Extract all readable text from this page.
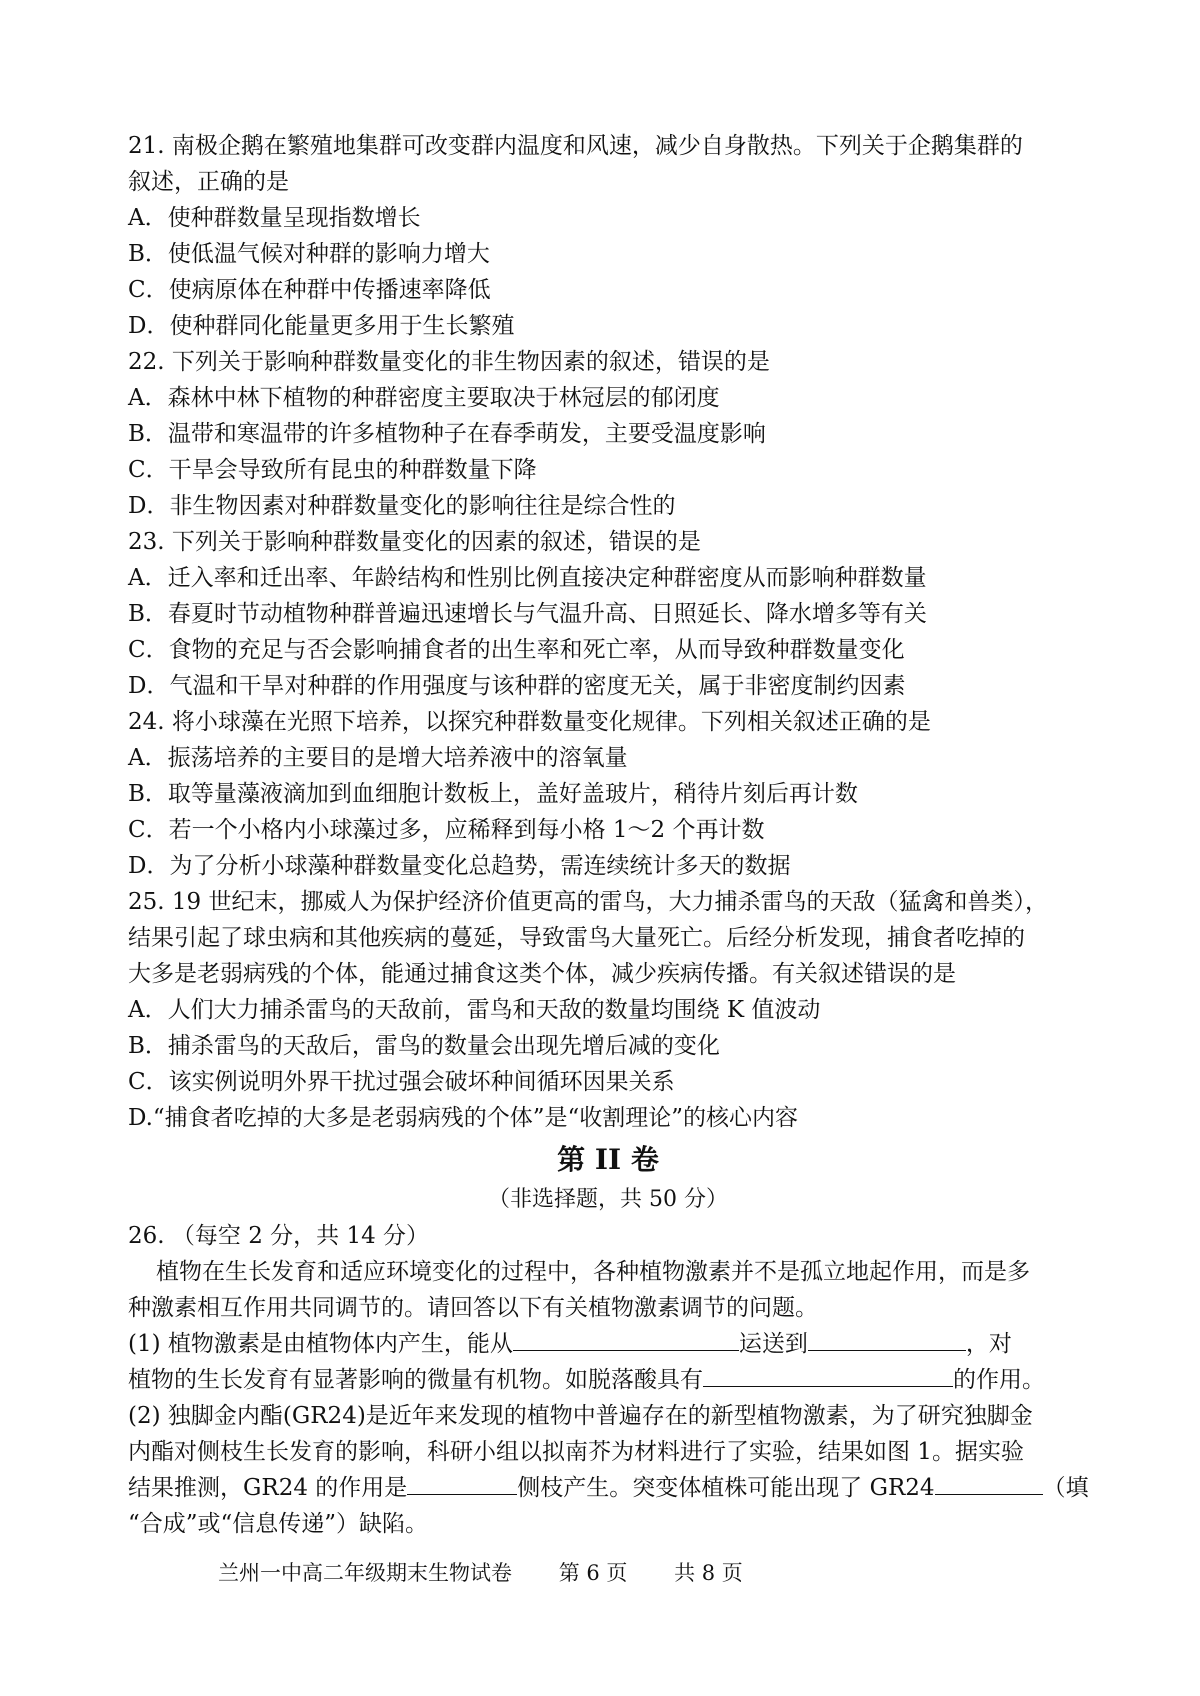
21. 南极企鹅在繁殖地集群可改变群内温度和风速，减少自身散热。下列关于企鹅集群的
叙述，正确的是
A．使种群数量呈现指数增长
B．使低温气候对种群的影响力增大
C．使病原体在种群中传播速率降低
D．使种群同化能量更多用于生长繁殖
22. 下列关于影响种群数量变化的非生物因素的叙述，错误的是
A．森林中林下植物的种群密度主要取决于林冠层的郁闭度
B．温带和寒温带的许多植物种子在春季萌发，主要受温度影响
C．干旱会导致所有昆虫的种群数量下降
D．非生物因素对种群数量变化的影响往往是综合性的
23. 下列关于影响种群数量变化的因素的叙述，错误的是
A．迁入率和迁出率、年龄结构和性别比例直接决定种群密度从而影响种群数量
B．春夏时节动植物种群普遍迅速增长与气温升高、日照延长、降水增多等有关
C．食物的充足与否会影响捕食者的出生率和死亡率，从而导致种群数量变化
D．气温和干旱对种群的作用强度与该种群的密度无关，属于非密度制约因素
24. 将小球藻在光照下培养，以探究种群数量变化规律。下列相关叙述正确的是
A．振荡培养的主要目的是增大培养液中的溶氧量
B．取等量藻液滴加到血细胞计数板上，盖好盖玻片，稍待片刻后再计数
C．若一个小格内小球藻过多，应稀释到每小格 1～2 个再计数
D．为了分析小球藻种群数量变化总趋势，需连续统计多天的数据
25. 19 世纪末，挪威人为保护经济价值更高的雷鸟，大力捕杀雷鸟的天敌（猛禽和兽类），
结果引起了球虫病和其他疾病的蔓延，导致雷鸟大量死亡。后经分析发现，捕食者吃掉的
大多是老弱病残的个体，能通过捕食这类个体，减少疾病传播。有关叙述错误的是
A．人们大力捕杀雷鸟的天敌前，雷鸟和天敌的数量均围绕 K 值波动
B．捕杀雷鸟的天敌后，雷鸟的数量会出现先增后减的变化
C．该实例说明外界干扰过强会破坏种间循环因果关系
D.“捕食者吃掉的大多是老弱病残的个体”是“收割理论”的核心内容
第 II 卷
（非选择题，共 50 分）
26. （每空 2 分，共 14 分）
植物在生长发育和适应环境变化的过程中，各种植物激素并不是孤立地起作用，而是多
种激素相互作用共同调节的。请回答以下有关植物激素调节的问题。
(1) 植物激素是由植物体内产生，能从	运送到	，对
植物的生长发育有显著影响的微量有机物。如脱落酸具有	的作用。
(2) 独脚金内酯(GR24)是近年来发现的植物中普遍存在的新型植物激素，为了研究独脚金
内酯对侧枝生长发育的影响，科研小组以拟南芥为材料进行了实验，结果如图 1。据实验
结果推测，GR24 的作用是	侧枝产生。突变体植株可能出现了 GR24	（填
“合成”或“信息传递”）缺陷。
兰州一中高二年级期末生物试卷 第 6 页 共 8 页
